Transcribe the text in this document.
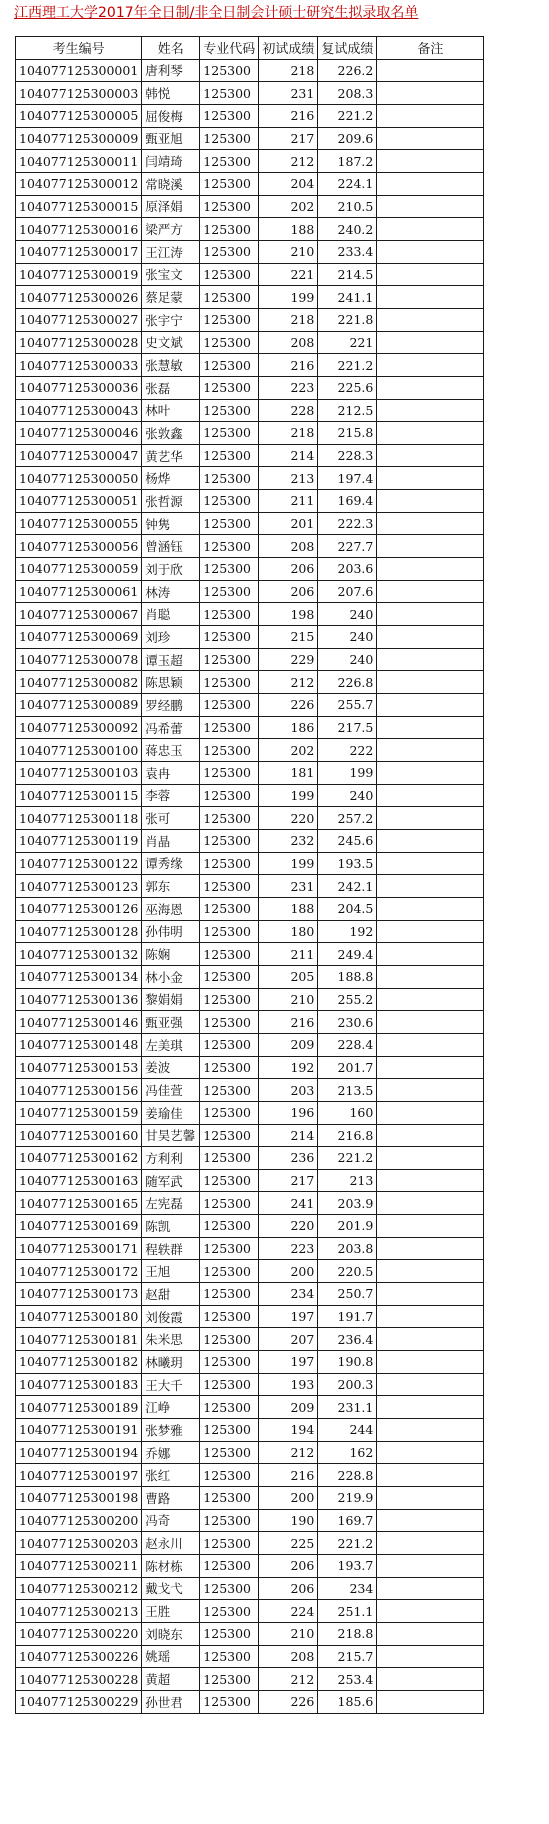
江西理工大学2017年全日制/非全日制会计硕士研究生拟录取名单
考生编号	姓名	专业代码	初试成绩	复试成绩	备注
104077125300001	唐利琴	125300	218	226.2	
104077125300003	韩悦	125300	231	208.3	
104077125300005	屈俊梅	125300	216	221.2	
104077125300009	甄亚旭	125300	217	209.6	
104077125300011	闫靖琦	125300	212	187.2	
104077125300012	常晓溪	125300	204	224.1	
104077125300015	原泽娟	125300	202	210.5	
104077125300016	梁严方	125300	188	240.2	
104077125300017	王江涛	125300	210	233.4	
104077125300019	张宝文	125300	221	214.5	
104077125300026	蔡足蒙	125300	199	241.1	
104077125300027	张宇宁	125300	218	221.8	
104077125300028	史文斌	125300	208	221	
104077125300033	张慧敏	125300	216	221.2	
104077125300036	张磊	125300	223	225.6	
104077125300043	林叶	125300	228	212.5	
104077125300046	张敦鑫	125300	218	215.8	
104077125300047	黄艺华	125300	214	228.3	
104077125300050	杨烨	125300	213	197.4	
104077125300051	张哲源	125300	211	169.4	
104077125300055	钟隽	125300	201	222.3	
104077125300056	曾涵钰	125300	208	227.7	
104077125300059	刘于欣	125300	206	203.6	
104077125300061	林涛	125300	206	207.6	
104077125300067	肖聪	125300	198	240	
104077125300069	刘珍	125300	215	240	
104077125300078	谭玉超	125300	229	240	
104077125300082	陈思颖	125300	212	226.8	
104077125300089	罗经鹏	125300	226	255.7	
104077125300092	冯希蕾	125300	186	217.5	
104077125300100	蒋忠玉	125300	202	222	
104077125300103	袁冉	125300	181	199	
104077125300115	李蓉	125300	199	240	
104077125300118	张可	125300	220	257.2	
104077125300119	肖晶	125300	232	245.6	
104077125300122	谭秀缘	125300	199	193.5	
104077125300123	郭东	125300	231	242.1	
104077125300126	巫海恩	125300	188	204.5	
104077125300128	孙伟明	125300	180	192	
104077125300132	陈娴	125300	211	249.4	
104077125300134	林小金	125300	205	188.8	
104077125300136	黎娟娟	125300	210	255.2	
104077125300146	甄亚强	125300	216	230.6	
104077125300148	左美琪	125300	209	228.4	
104077125300153	姜波	125300	192	201.7	
104077125300156	冯佳萱	125300	203	213.5	
104077125300159	姜瑜佳	125300	196	160	
104077125300160	甘昊艺馨	125300	214	216.8	
104077125300162	方利利	125300	236	221.2	
104077125300163	随军武	125300	217	213	
104077125300165	左宪磊	125300	241	203.9	
104077125300169	陈凯	125300	220	201.9	
104077125300171	程轶群	125300	223	203.8	
104077125300172	王旭	125300	200	220.5	
104077125300173	赵甜	125300	234	250.7	
104077125300180	刘俊霞	125300	197	191.7	
104077125300181	朱米思	125300	207	236.4	
104077125300182	林曦玥	125300	197	190.8	
104077125300183	王大千	125300	193	200.3	
104077125300189	江峥	125300	209	231.1	
104077125300191	张梦雅	125300	194	244	
104077125300194	乔娜	125300	212	162	
104077125300197	张红	125300	216	228.8	
104077125300198	曹路	125300	200	219.9	
104077125300200	冯奇	125300	190	169.7	
104077125300203	赵永川	125300	225	221.2	
104077125300211	陈材栋	125300	206	193.7	
104077125300212	戴戈弋	125300	206	234	
104077125300213	王胜	125300	224	251.1	
104077125300220	刘晓东	125300	210	218.8	
104077125300226	姚瑶	125300	208	215.7	
104077125300228	黄超	125300	212	253.4	
104077125300229	孙世君	125300	226	185.6	
